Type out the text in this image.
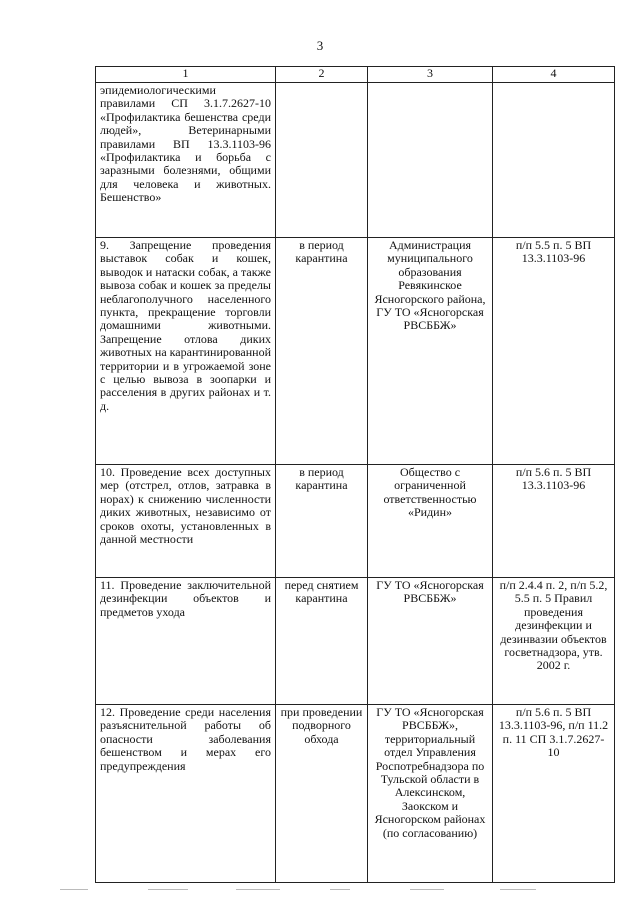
3
1	2	3	4
эпидемиологическими правилами СП 3.1.7.2627-10 «Профилактика бешенства среди людей», Ветеринарными правилами ВП 13.3.1103-96 «Профилактика и борьба с заразными болезнями, общими для человека и животных. Бешенство»			
9. Запрещение проведения выставок собак и кошек, выводок и натаски собак, а также вывоза собак и кошек за пределы неблагополучного населенного пункта, прекращение торговли домашними животными. Запрещение отлова диких животных на карантинированной территории и в угрожаемой зоне с целью вывоза в зоопарки и расселения в других районах и т. д.	в период карантина	Администрация муниципального образования Ревякинское Ясногорского района, ГУ ТО «Ясногорская РВСББЖ»	п/п 5.5 п. 5 ВП 13.3.1103-96
10. Проведение всех доступных мер (отстрел, отлов, затравка в норах) к снижению численности диких животных, независимо от сроков охоты, установленных в данной местности	в период карантина	Общество с ограниченной ответственностью «Ридин»	п/п 5.6 п. 5 ВП 13.3.1103-96
11. Проведение заключительной дезинфекции объектов и предметов ухода	перед снятием карантина	ГУ ТО «Ясногорская РВСББЖ»	п/п 2.4.4 п. 2, п/п 5.2, 5.5 п. 5 Правил проведения дезинфекции и дезинвазии объектов госветнадзора, утв. 2002 г.
12. Проведение среди населения разъяснительной работы об опасности заболевания бешенством и мерах его предупреждения	при проведении подворного обхода	ГУ ТО «Ясногорская РВСББЖ», территориальный отдел Управления Роспотребнадзора по Тульской области в Алексинском, Заокском и Ясногорском районах (по согласованию)	п/п 5.6 п. 5 ВП 13.3.1103-96, п/п 11.2 п. 11 СП 3.1.7.2627-10
